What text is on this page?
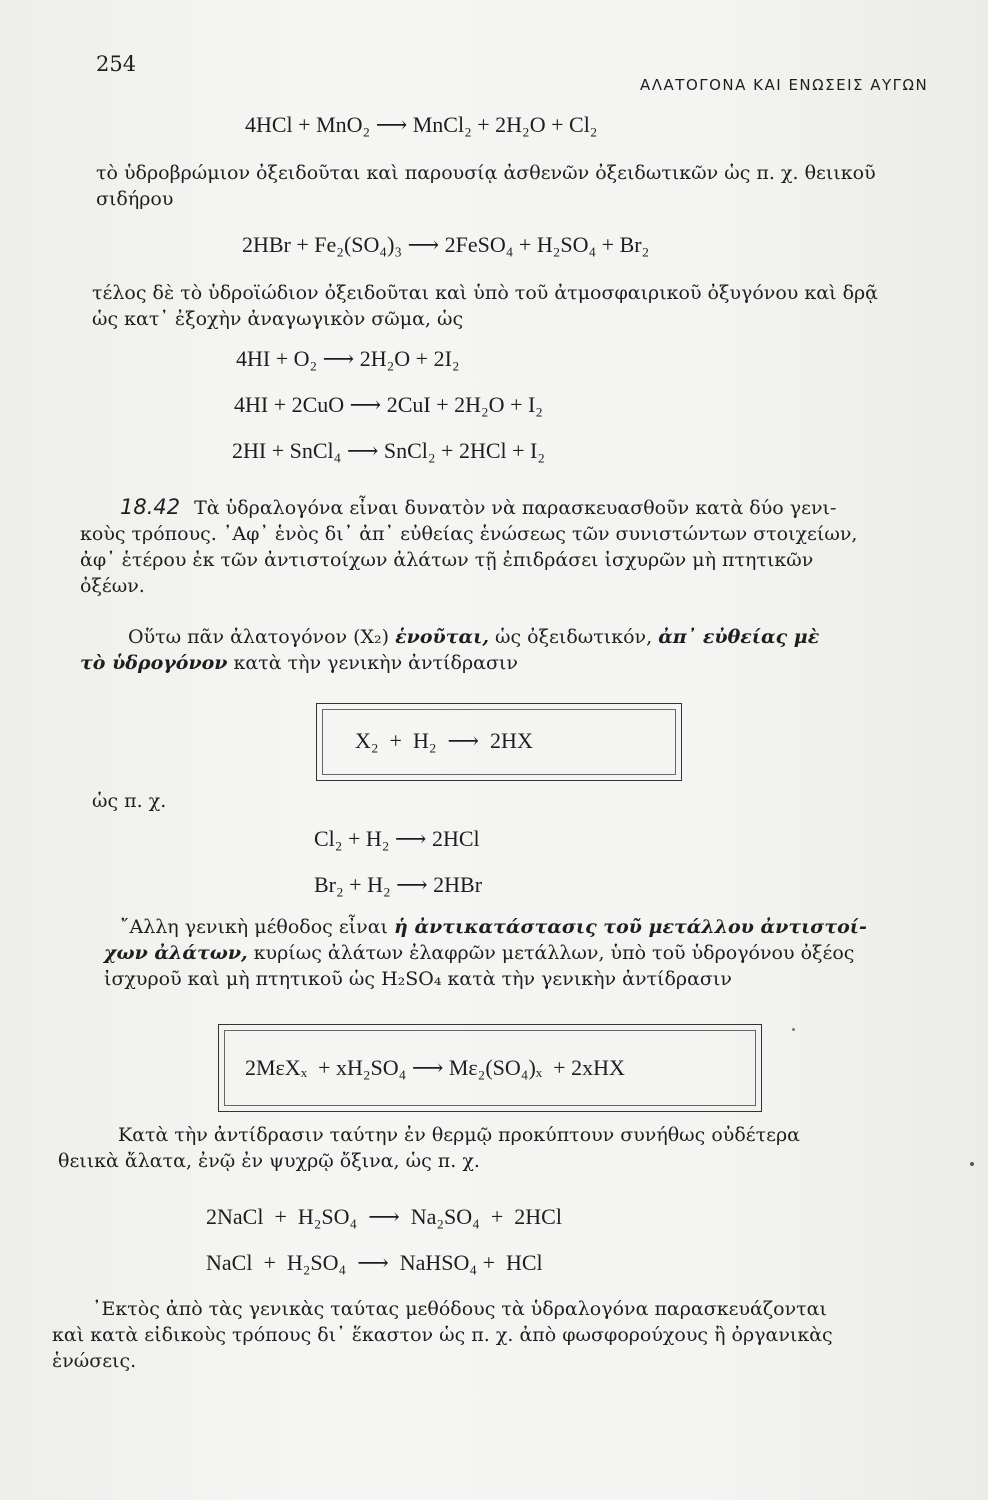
254
ΑΛΑΤΟΓΟΝΑ ΚΑΙ ΕΝΩΣΕΙΣ ΑΥΓΩΝ
4HCl + MnO₂ ⟶ MnCl₂ + 2H₂O + Cl₂
τὸ ὑδροβρώμιον ὀξειδοῦται καὶ παρουσίᾳ ἀσθενῶν ὀξειδωτικῶν ὡς π. χ. θειικοῦ
σιδήρου
2HBr + Fe₂(SO₄)₃ ⟶ 2FeSO₄ + H₂SO₄ + Br₂
τέλος δὲ τὸ ὑδροϊώδιον ὀξειδοῦται καὶ ὑπὸ τοῦ ἀτμοσφαιρικοῦ ὀξυγόνου καὶ δρᾷ
ὡς κατ᾿ ἐξοχὴν ἀναγωγικὸν σῶμα, ὡς
4HI + O₂ ⟶ 2H₂O + 2I₂
4HI + 2CuO ⟶ 2CuI + 2H₂O + I₂
2HI + SnCl₄ ⟶ SnCl₂ + 2HCl + I₂
18.42 Τὰ ὑδραλογόνα εἶναι δυνατὸν νὰ παρασκευασθοῦν κατὰ δύο γενι-
κοὺς τρόπους. ᾿Αφ᾿ ἑνὸς δι᾿ ἀπ᾿ εὐθείας ἑνώσεως τῶν συνιστώντων στοιχείων,
ἀφ᾿ ἑτέρου ἐκ τῶν ἀντιστοίχων ἀλάτων τῇ ἐπιδράσει ἰσχυρῶν μὴ πτητικῶν
ὀξέων.
Οὕτω πᾶν ἀλατογόνον (X₂) ἑνοῦται, ὡς ὀξειδωτικόν, ἀπ᾿ εὐθείας μὲ
τὸ ὑδρογόνον κατὰ τὴν γενικὴν ἀντίδρασιν
X₂  +  H₂  ⟶  2HX
ὡς π. χ.
Cl₂ + H₂ ⟶ 2HCl
Br₂ + H₂ ⟶ 2HBr
῎Αλλη γενικὴ μέθοδος εἶναι ἡ ἀντικατάστασις τοῦ μετάλλου ἀντιστοί-
χων ἀλάτων, κυρίως ἀλάτων ἐλαφρῶν μετάλλων, ὑπὸ τοῦ ὑδρογόνου ὀξέος
ἰσχυροῦ καὶ μὴ πτητικοῦ ὡς H₂SO₄ κατὰ τὴν γενικὴν ἀντίδρασιν
2MεXₓ  + xH₂SO₄ ⟶ Mε₂(SO₄)ₓ  + 2xHX
Κατὰ τὴν ἀντίδρασιν ταύτην ἐν θερμῷ προκύπτουν συνήθως οὐδέτερα
θειικὰ ἄλατα, ἐνῷ ἐν ψυχρῷ ὄξινα, ὡς π. χ.
2NaCl  +  H₂SO₄  ⟶  Na₂SO₄  +  2HCl
NaCl  +  H₂SO₄  ⟶  NaHSO₄ +  HCl
᾿Εκτὸς ἀπὸ τὰς γενικὰς ταύτας μεθόδους τὰ ὑδραλογόνα παρασκευάζονται
καὶ κατὰ εἰδικοὺς τρόπους δι᾿ ἕκαστον ὡς π. χ. ἀπὸ φωσφορούχους ἢ ὀργανικὰς
ἑνώσεις.
